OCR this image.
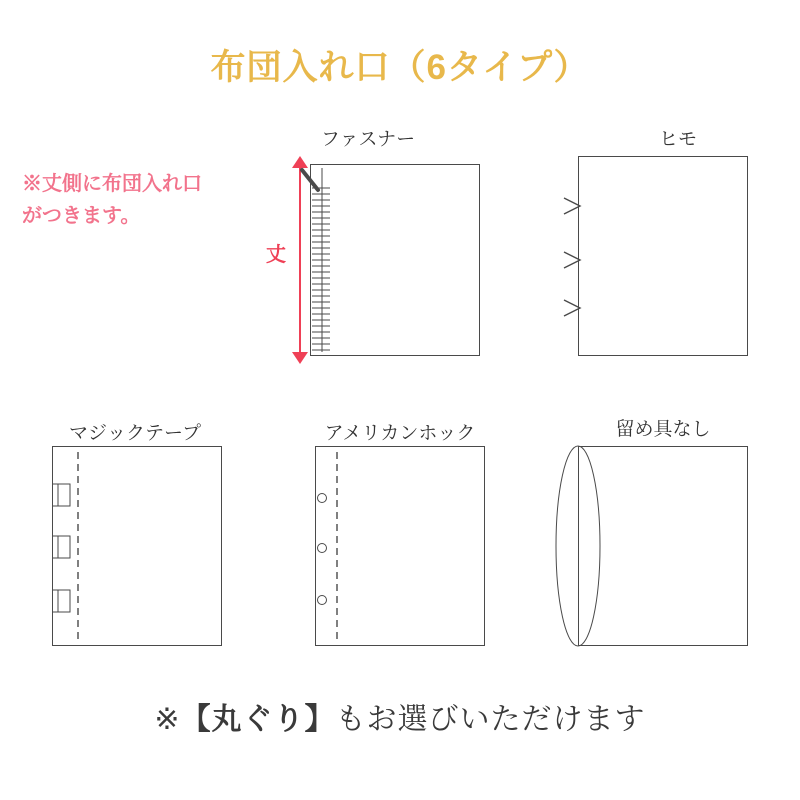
布団入れ口（6タイプ）
※丈側に布団入れ口
がつきます。
丈
ファスナー	ヒモ
マジックテープ	アメリカンホック	留め具なし
※【丸ぐり】もお選びいただけます
